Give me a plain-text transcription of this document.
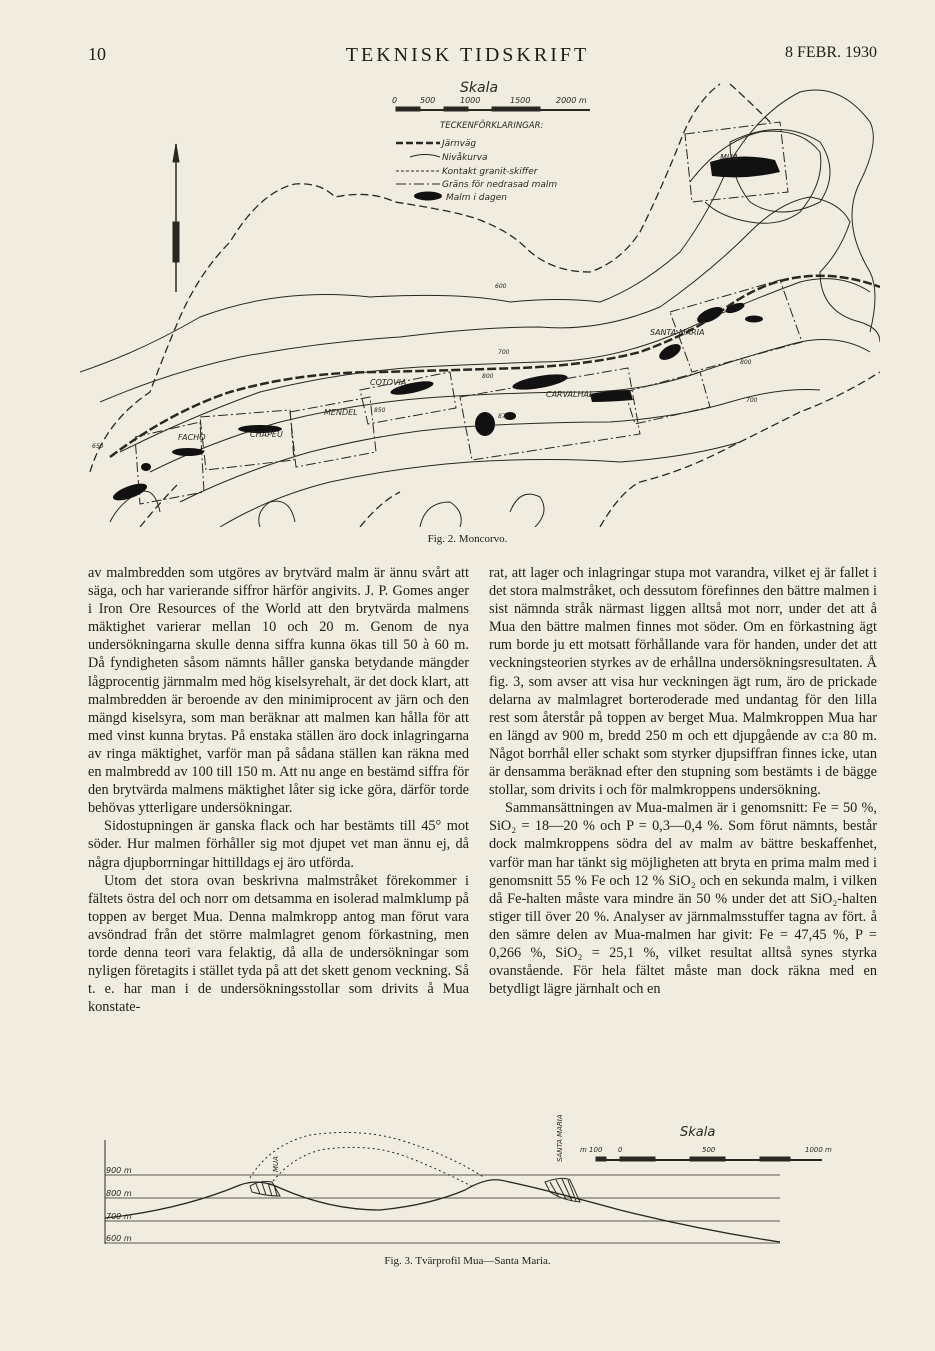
10	TEKNISK TIDSKRIFT	8 FEBR. 1930
Skala
0	500	1000	1500	2000 m
TECKENFÖRKLARINGAR:
Järnväg
Nivåkurva
Kontakt granit-skiffer
Gräns för nedrasad malm
Malm i dagen
MUA
SANTA MARIA
CARVALHAL
COTOVIA
MENDEL
FACHO	CHAPEU
600
700
800
850
875
650
800
700
Fig. 2. Moncorvo.

av malmbredden som utgöres av brytvärd malm är ännu svårt att säga, och har varierande siffror härför angivits. J. P. Gomes anger i Iron Ore Resources of the World att den brytvärda malmens mäktighet varierar mellan 10 och 20 m. Genom de nya undersökningarna skulle denna siffra kunna ökas till 50 à 60 m. Då fyndigheten såsom nämnts håller ganska betydande mängder lågprocentig järnmalm med hög kiselsyrehalt, är det dock klart, att malmbredden är beroende av den minimiprocent av järn och den mängd kiselsyra, som man beräknar att malmen kan hålla för att med vinst kunna brytas. På enstaka ställen äro dock inlagringarna av ringa mäktighet, varför man på sådana ställen kan räkna med en malmbredd av 100 till 150 m. Att nu ange en bestämd siffra för den brytvärda malmens mäktighet låter sig icke göra, därför torde behövas ytterligare undersökningar.

Sidostupningen är ganska flack och har bestämts till 45° mot söder. Hur malmen förhåller sig mot djupet vet man ännu ej, då några djupborrningar hittilldags ej äro utförda.

Utom det stora ovan beskrivna malmstråket förekommer i fältets östra del och norr om detsamma en isolerad malmklump på toppen av berget Mua. Denna malmkropp antog man förut vara avsöndrad från det större malmlagret genom förkastning, men torde denna teori vara felaktig, då alla de undersökningar som nyligen företagits i stället tyda på att det skett genom veckning. Så t. e. har man i de undersökningsstollar som drivits å Mua konstate-

rat, att lager och inlagringar stupa mot varandra, vilket ej är fallet i det stora malmstråket, och dessutom förefinnes den bättre malmen i sist nämnda stråk närmast liggen alltså mot norr, under det att å Mua den bättre malmen finnes mot söder. Om en förkastning ägt rum borde ju ett motsatt förhållande vara för handen, under det att veckningsteorien styrkes av de erhållna undersökningsresultaten. Å fig. 3, som avser att visa hur veckningen ägt rum, äro de prickade delarna av malmlagret borteroderade med undantag för den lilla rest som återstår på toppen av berget Mua. Malmkroppen Mua har en längd av 900 m, bredd 250 m och ett djupgående av c:a 80 m. Något borrhål eller schakt som styrker djupsiffran finnes icke, utan är densamma beräknad efter den stupning som bestämts i de bägge stollar, som drivits i och för malmkroppens undersökning.

Sammansättningen av Mua-malmen är i genomsnitt: Fe = 50 %, SiO₂ = 18—20 % och P = 0,3—0,4 %. Som förut nämnts, består dock malmkroppens södra del av malm av bättre beskaffenhet, varför man har tänkt sig möjligheten att bryta en prima malm med i genomsnitt 55 % Fe och 12 % SiO₂ och en sekunda malm, i vilken då Fe-halten måste vara mindre än 50 % under det att SiO₂-halten stiger till över 20 %. Analyser av järnmalmsstuffer tagna av fört. å den sämre delen av Mua-malmen har givit: Fe = 47,45 %, P = 0,266 %, SiO₂ = 25,1 %, vilket resultat alltså synes styrka ovanstående. För hela fältet måste man dock räkna med en betydligt lägre järnhalt och en

900 m
800 m
700 m
600 m
MUA
SANTA MARIA	Skala
m 100 0	500	1000 m
Fig. 3. Tvärprofil Mua—Santa Maria.
